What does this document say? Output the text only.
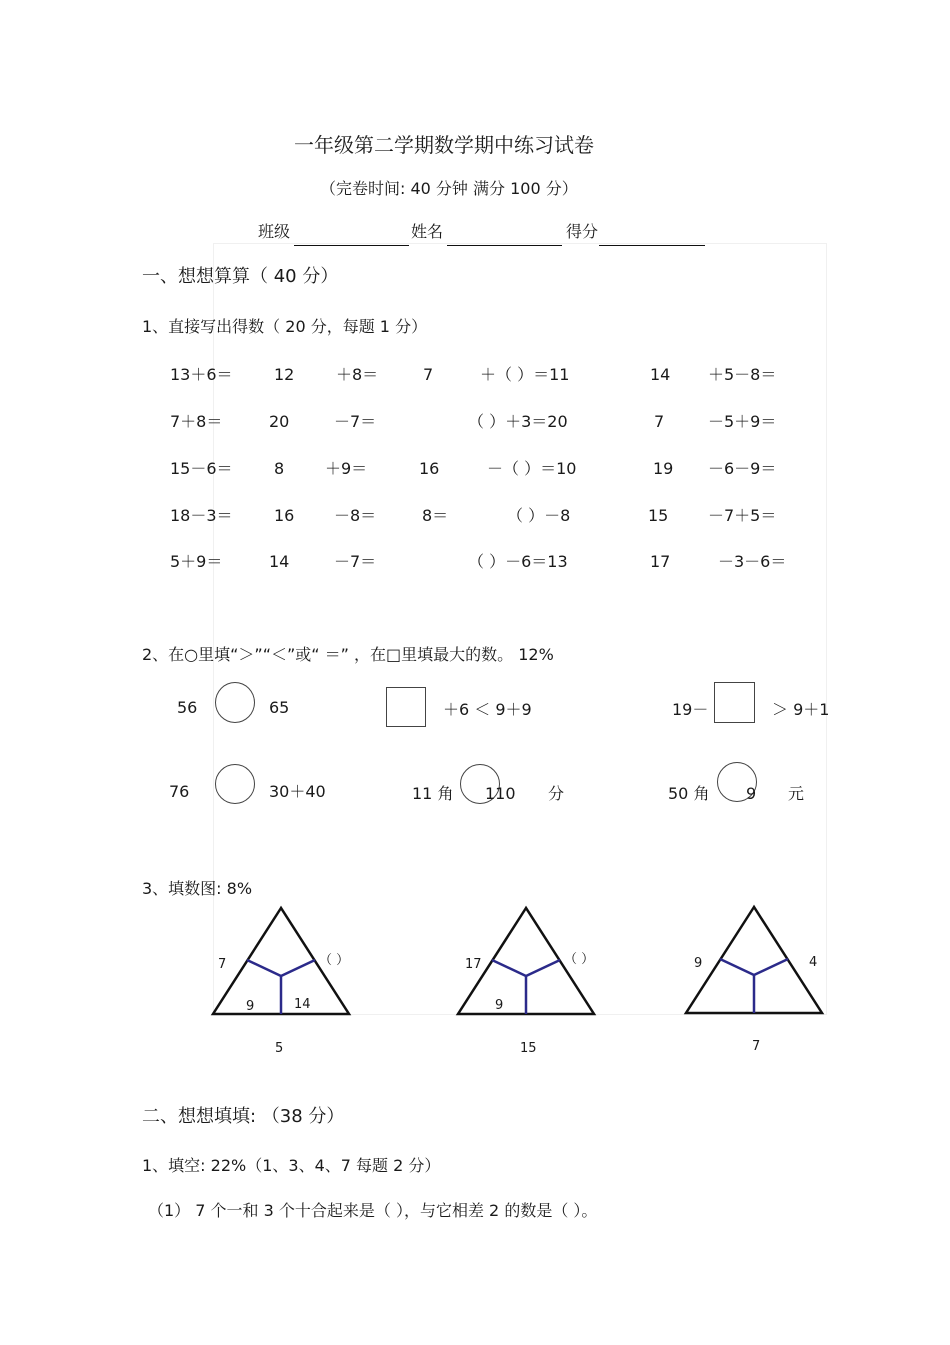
一年级第二学期数学期中练习试卷
（完卷时间: 40 分钟 满分 100 分）
班级	姓名	得分
一、想想算算（ 40 分）
1、直接写出得数（ 20 分，每题 1 分）
13＋6＝	12	＋8＝	7	＋（ ）＝11	14 ＋5－8＝
7＋8＝	20	－7＝	（ ）＋3＝20	7	－5＋9＝
15－6＝	8	＋9＝	16	－（ ）＝10	19 －6－9＝
18－3＝	16 －8＝	8＝	（ ）－8	15 －7＋5＝
5＋9＝	14	－7＝	（ ）－6＝13	17	－3－6＝
2、在○里填“＞”“＜”或“ ＝” ，在□里填最大的数。 12%
56	65	＋6 ＜ 9＋9	19－	＞ 9＋1
76	30＋40	11 角 110 分	50 角 9 元
3、填数图: 8%
7	（ ）
9	14
5
17	（ ）
9
15
9	4
7
二、想想填填: （38 分）
1、填空: 22%（1、3、4、7 每题 2 分）
（1） 7 个一和 3 个十合起来是（ ），与它相差 2 的数是（ ）。
